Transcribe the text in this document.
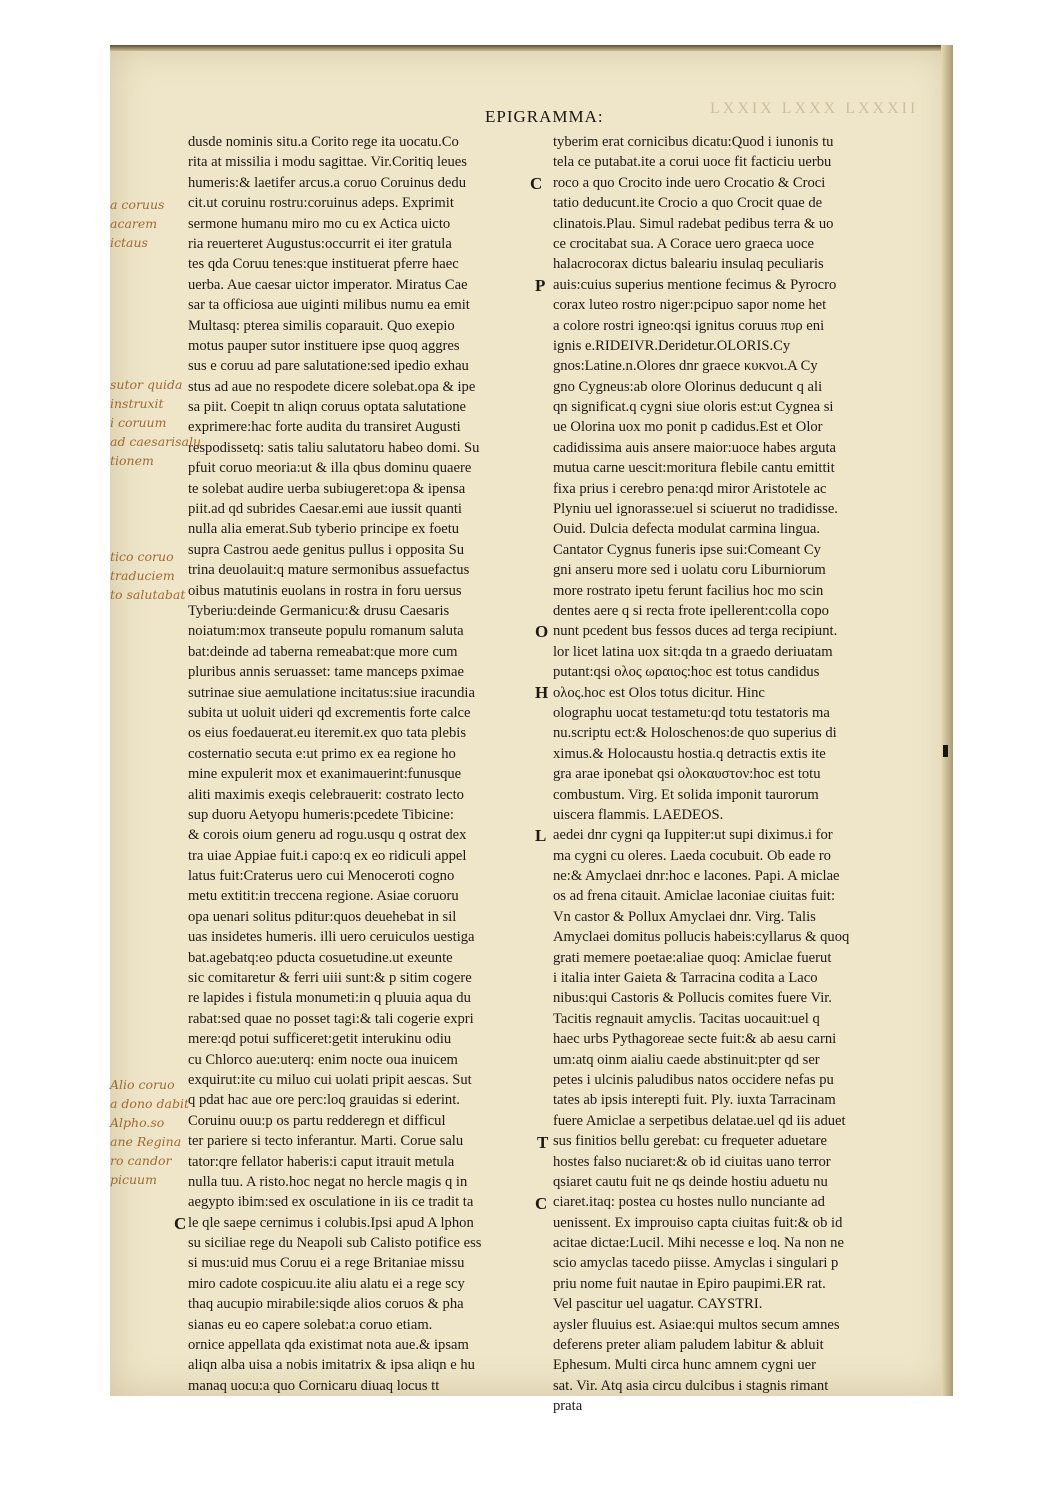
LXXIX LXXX LXXXII
EPIGRAMMA:
dusde nominis situ.a Corito rege ita uocatu.Co
rita at missilia i modu sagittae. Vir.Coritiq leues
humeris:& laetifer arcus.a coruo Coruinus dedu
cit.ut coruinu rostru:coruinus adeps. Exprimit
sermone humanu miro mo cu ex Actica uicto
ria reuerteret Augustus:occurrit ei iter gratula
tes qda Coruu tenes:que instituerat pferre haec
uerba. Aue caesar uictor imperator. Miratus Cae
sar ta officiosa aue uiginti milibus numu ea emit
Multasq: pterea similis coparauit. Quo exepio
motus pauper sutor instituere ipse quoq aggres
sus e coruu ad pare salutatione:sed ipedio exhau
stus ad aue no respodete dicere solebat.opa & ipe
sa piit. Coepit tn aliqn coruus optata salutatione
exprimere:hac forte audita du transiret Augusti
respodissetq: satis taliu salutatoru habeo domi. Su
pfuit coruo meoria:ut & illa qbus dominu quaere
te solebat audire uerba subiugeret:opa & ipensa
piit.ad qd subrides Caesar.emi aue iussit quanti
nulla alia emerat.Sub tyberio principe ex foetu
supra Castrou aede genitus pullus i opposita Su
trina deuolauit:q mature sermonibus assuefactus
oibus matutinis euolans in rostra in foru uersus
Tyberiu:deinde Germanicu:& drusu Caesaris
noiatum:mox transeute populu romanum saluta
bat:deinde ad taberna remeabat:que more cum
pluribus annis seruasset: tame manceps pximae
sutrinae siue aemulatione incitatus:siue iracundia
subita ut uoluit uideri qd excrementis forte calce
os eius foedauerat.eu iteremit.ex quo tata plebis
costernatio secuta e:ut primo ex ea regione ho
mine expulerit mox et exanimauerint:funusque
aliti maximis exeqis celebrauerit: costrato lecto
sup duoru Aetyopu humeris:pcedete Tibicine:
& corois oium generu ad rogu.usqu q ostrat dex
tra uiae Appiae fuit.i capo:q ex eo ridiculi appel
latus fuit:Craterus uero cui Menoceroti cogno
metu extitit:in treccena regione. Asiae coruoru
opa uenari solitus pditur:quos deuehebat in sil
uas insidetes humeris. illi uero ceruiculos uestiga
bat.agebatq:eo pducta cosuetudine.ut exeunte
sic comitaretur & ferri uiii sunt:& p sitim cogere
re lapides i fistula monumeti:in q pluuia aqua du
rabat:sed quae no posset tagi:& tali cogerie expri
mere:qd potui sufficeret:getit interukinu odiu
cu Chlorco aue:uterq: enim nocte oua inuicem
exquirut:ite cu miluo cui uolati pripit aescas. Sut
q pdat hac aue ore perc:loq grauidas si ederint.
Coruinu ouu:p os partu redderegn et difficul
ter pariere si tecto inferantur. Marti. Corue salu
tator:qre fellator haberis:i caput itrauit metula
nulla tuu. A risto.hoc negat no hercle magis q in
aegypto ibim:sed ex osculatione in iis ce tradit ta
le qle saepe cernimus i colubis.Ipsi apud A lphon
su siciliae rege du Neapoli sub Calisto potifice ess
si mus:uid mus Coruu ei a rege Britaniae missu
miro cadote cospicuu.ite aliu alatu ei a rege scy
thaq aucupio mirabile:siqde alios coruos & pha
sianas eu eo capere solebat:a coruo etiam.
ornice appellata qda existimat nota aue.& ipsam
aliqn alba uisa a nobis imitatrix & ipsa aliqn e hu
manaq uocu:a quo Cornicaru diuaq locus tt
tyberim erat cornicibus dicatu:Quod i iunonis tu
tela ce putabat.ite a corui uoce fit facticiu uerbu
roco a quo Crocito inde uero Crocatio & Croci
tatio deducunt.ite Crocio a quo Crocit quae de
clinatois.Plau. Simul radebat pedibus terra & uo
ce crocitabat sua. A Corace uero graeca uoce
halacrocorax dictus baleariu insulaq peculiaris
auis:cuius superius mentione fecimus & Pyrocro
corax luteo rostro niger:pcipuo sapor nome het
a colore rostri igneo:qsi ignitus coruus πυρ eni
ignis e.RIDEIVR.Deridetur.OLORIS.Cy
gnos:Latine.n.Olores dnr graece κυκνοι.A Cy
gno Cygneus:ab olore Olorinus deducunt q ali
qn significat.q cygni siue oloris est:ut Cygnea si
ue Olorina uox mo ponit p cadidus.Est et Olor
cadidissima auis ansere maior:uoce habes arguta
mutua carne uescit:moritura flebile cantu emittit
fixa prius i cerebro pena:qd miror Aristotele ac
Plyniu uel ignorasse:uel si sciuerut no tradidisse.
Ouid. Dulcia defecta modulat carmina lingua.
Cantator Cygnus funeris ipse sui:Comeant Cy
gni anseru more sed i uolatu coru Liburniorum
more rostrato ipetu ferunt facilius hoc mo scin
dentes aere q si recta frote ipellerent:colla copo
nunt pcedent bus fessos duces ad terga recipiunt.
lor licet latina uox sit:qda tn a graedo deriuatam
putant:qsi ολος ωραιος:hoc est totus candidus
ολος.hoc est Olos totus dicitur. Hinc
olographu uocat testametu:qd totu testatoris ma
nu.scriptu ect:& Holoschenos:de quo superius di
ximus.& Holocaustu hostia.q detractis extis ite
gra arae iponebat qsi ολοκαυστον:hoc est totu
combustum. Virg. Et solida imponit taurorum
uiscera flammis. LAEDEOS.
aedei dnr cygni qa Iuppiter:ut supi diximus.i for
ma cygni cu oleres. Laeda cocubuit. Ob eade ro
ne:& Amyclaei dnr:hoc e lacones. Papi. A miclae
os ad frena citauit. Amiclae laconiae ciuitas fuit:
Vn castor & Pollux Amyclaei dnr. Virg. Talis
Amyclaei domitus pollucis habeis:cyllarus & quoq
grati memere poetae:aliae quoq: Amiclae fuerut
i italia inter Gaieta & Tarracina codita a Laco
nibus:qui Castoris & Pollucis comites fuere Vir.
Tacitis regnauit amyclis. Tacitas uocauit:uel q
haec urbs Pythagoreae secte fuit:& ab aesu carni
um:atq oinm aialiu caede abstinuit:pter qd ser
petes i ulcinis paludibus natos occidere nefas pu
tates ab ipsis interepti fuit. Ply. iuxta Tarracinam
fuere Amiclae a serpetibus delatae.uel qd iis aduet
sus finitios bellu gerebat: cu frequeter aduetare
hostes falso nuciaret:& ob id ciuitas uano terror
qsiaret cautu fuit ne qs deinde hostiu aduetu nu
ciaret.itaq: postea cu hostes nullo nunciante ad
uenissent. Ex improuiso capta ciuitas fuit:& ob id
acitae dictae:Lucil. Mihi necesse e loq. Na non ne
scio amyclas tacedo piisse. Amyclas i singulari p
priu nome fuit nautae in Epiro paupimi.ER rat.
Vel pascitur uel uagatur. CAYSTRI.
aysler fluuius est. Asiae:qui multos secum amnes
deferens preter aliam paludem labitur & abluit
Ephesum. Multi circa hunc amnem cygni uer
sat. Vir. Atq asia circu dulcibus i stagnis rimant
prata
C
C
P
O
H
L
T
C
a coruus
acarem
ictaus
sutor quida
instruxit
i coruum
ad caesarisalu
tionem
tico coruo
traduciem
to salutabat
Alio coruo
a dono dabit
Alpho.so
ane Regina
ro candor
picuum
